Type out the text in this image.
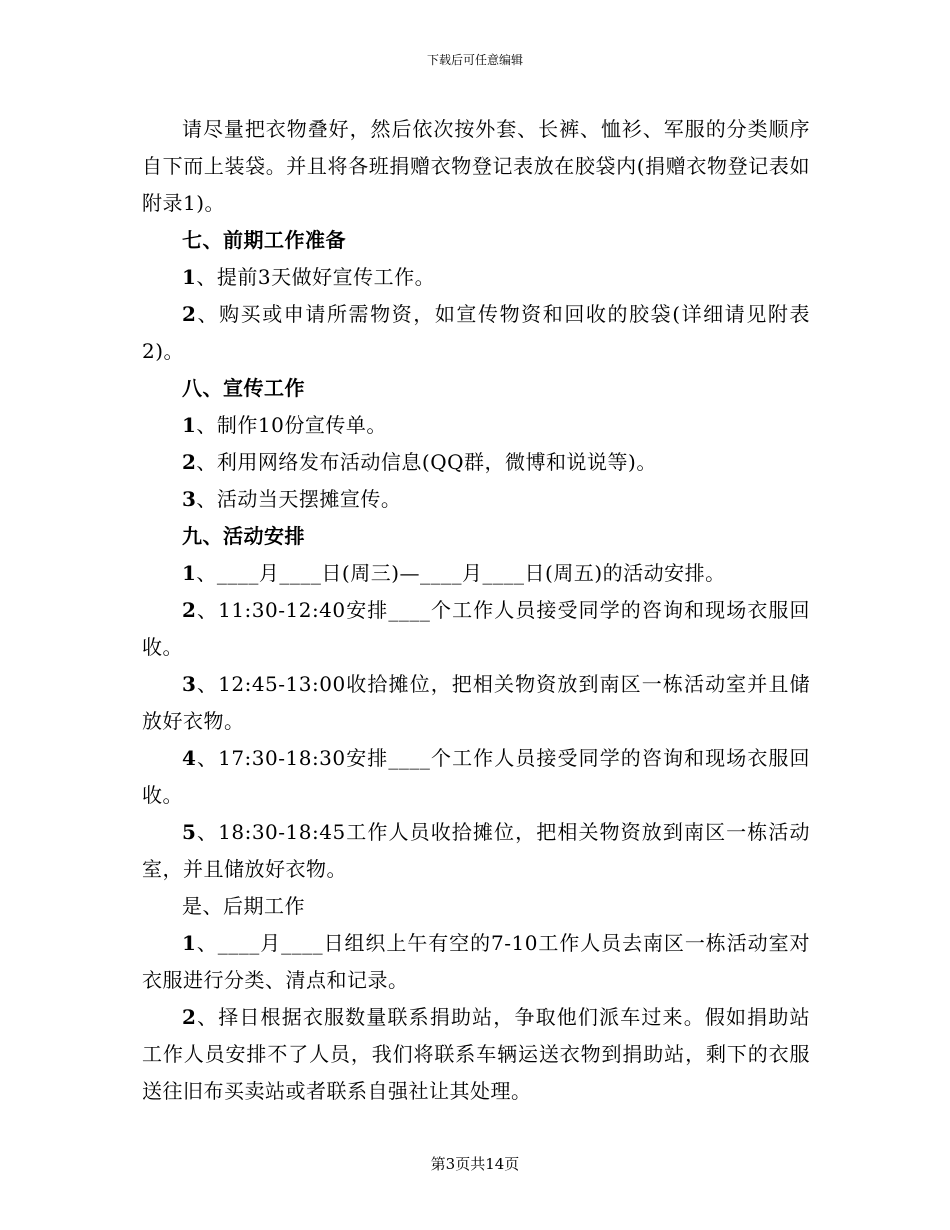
下载后可任意编辑

请尽量把衣物叠好，然后依次按外套、长裤、恤衫、军服的分类顺序自下而上装袋。并且将各班捐赠衣物登记表放在胶袋内(捐赠衣物登记表如附录1)。

七、前期工作准备

1、提前3天做好宣传工作。

2、购买或申请所需物资，如宣传物资和回收的胶袋(详细请见附表2)。

八、宣传工作

1、制作10份宣传单。

2、利用网络发布活动信息(QQ群，微博和说说等)。

3、活动当天摆摊宣传。

九、活动安排

1、____月____日(周三)—____月____日(周五)的活动安排。

2、11:30-12:40安排____个工作人员接受同学的咨询和现场衣服回收。

3、12:45-13:00收拾摊位，把相关物资放到南区一栋活动室并且储放好衣物。

4、17:30-18:30安排____个工作人员接受同学的咨询和现场衣服回收。

5、18:30-18:45工作人员收拾摊位，把相关物资放到南区一栋活动室，并且储放好衣物。

是、后期工作

1、____月____日组织上午有空的7-10工作人员去南区一栋活动室对衣服进行分类、清点和记录。

2、择日根据衣服数量联系捐助站，争取他们派车过来。假如捐助站工作人员安排不了人员，我们将联系车辆运送衣物到捐助站，剩下的衣服送往旧布买卖站或者联系自强社让其处理。

第3页共14页
